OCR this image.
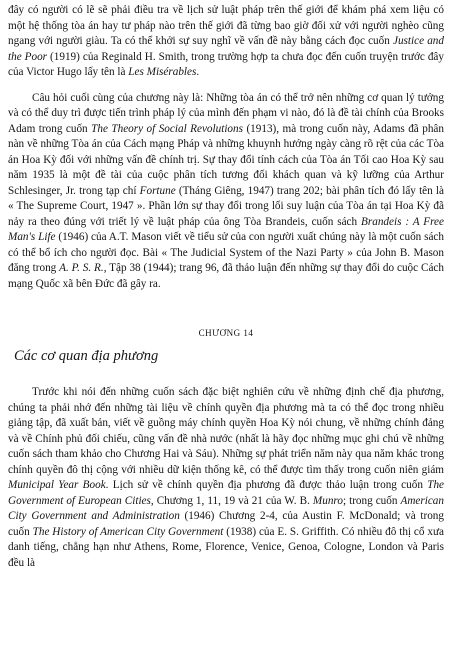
đây có người có lẽ sẽ phải điều tra về lịch sử luật pháp trên thế giới để khám phá xem liệu có một hệ thống tòa án hay tư pháp nào trên thế giới đã từng bao giờ đối xử với người nghèo cũng ngang với người giàu. Ta có thể khởi sự suy nghĩ về vấn đề này bằng cách đọc cuốn Justice and the Poor (1919) của Reginald H. Smith, trong trường hợp ta chưa đọc đến cuốn truyện trước đây của Victor Hugo lấy tên là Les Misérables.

Câu hỏi cuối cùng của chương này là: Những tòa án có thể trở nên những cơ quan lý tưởng và có thể duy trì được tiến trình pháp lý của mình đến phạm vi nào, đó là đề tài chính của Brooks Adam trong cuốn The Theory of Social Revolutions (1913), mà trong cuốn này, Adams đã phân nàn về những Tòa án của Cách mạng Pháp và những khuynh hướng ngày càng rõ rệt của các Tòa án Hoa Kỳ đối với những vấn đề chính trị. Sự thay đổi tính cách của Tòa án Tối cao Hoa Kỳ sau năm 1935 là một đề tài của cuộc phân tích tương đối khách quan và kỹ lưỡng của Arthur Schlesinger, Jr. trong tạp chí Fortune (Tháng Giêng, 1947) trang 202; bài phân tích đó lấy tên là « The Supreme Court, 1947 ». Phần lớn sự thay đổi trong lối suy luận của Tòa án tại Hoa Kỳ đã nảy ra theo đúng với triết lý về luật pháp của ông Tòa Brandeis, cuốn sách Brandeis : A Free Man's Life (1946) của A.T. Mason viết về tiểu sử của con người xuất chúng này là một cuốn sách có thể bổ ích cho người đọc. Bài « The Judicial System of the Nazi Party » của John B. Mason đăng trong A. P. S. R., Tập 38 (1944); trang 96, đã thảo luận đến những sự thay đổi do cuộc Cách mạng Quốc xã bên Đức đã gây ra.

CHƯƠNG 14
Các cơ quan địa phương

Trước khi nói đến những cuốn sách đặc biệt nghiên cứu về những định chế địa phương, chúng ta phải nhớ đến những tài liệu về chính quyền địa phương mà ta có thể đọc trong nhiều giảng tập, đã xuất bản, viết về guồng máy chính quyền Hoa Kỳ nói chung, về những chính đảng và về Chính phủ đối chiếu, cũng vấn đề nhà nước (nhất là hãy đọc những mục ghi chú về những cuốn sách tham khảo cho Chương Hai và Sáu). Những sự phát triển năm này qua năm khác trong chính quyền đô thị cộng với nhiều dữ kiện thống kê, có thể được tìm thấy trong cuốn niên giám Municipal Year Book. Lịch sử về chính quyền địa phương đã được thảo luận trong cuốn The Government of European Cities, Chương 1, 11, 19 và 21 của W. B. Munro; trong cuốn American City Government and Administration (1946) Chương 2-4, của Austin F. McDonald; và trong cuốn The History of American City Government (1938) của E. S. Griffith. Có nhiều đô thị cổ xưa danh tiếng, chẳng hạn như Athens, Rome, Florence, Venice, Genoa, Cologne, London và Paris đều là
